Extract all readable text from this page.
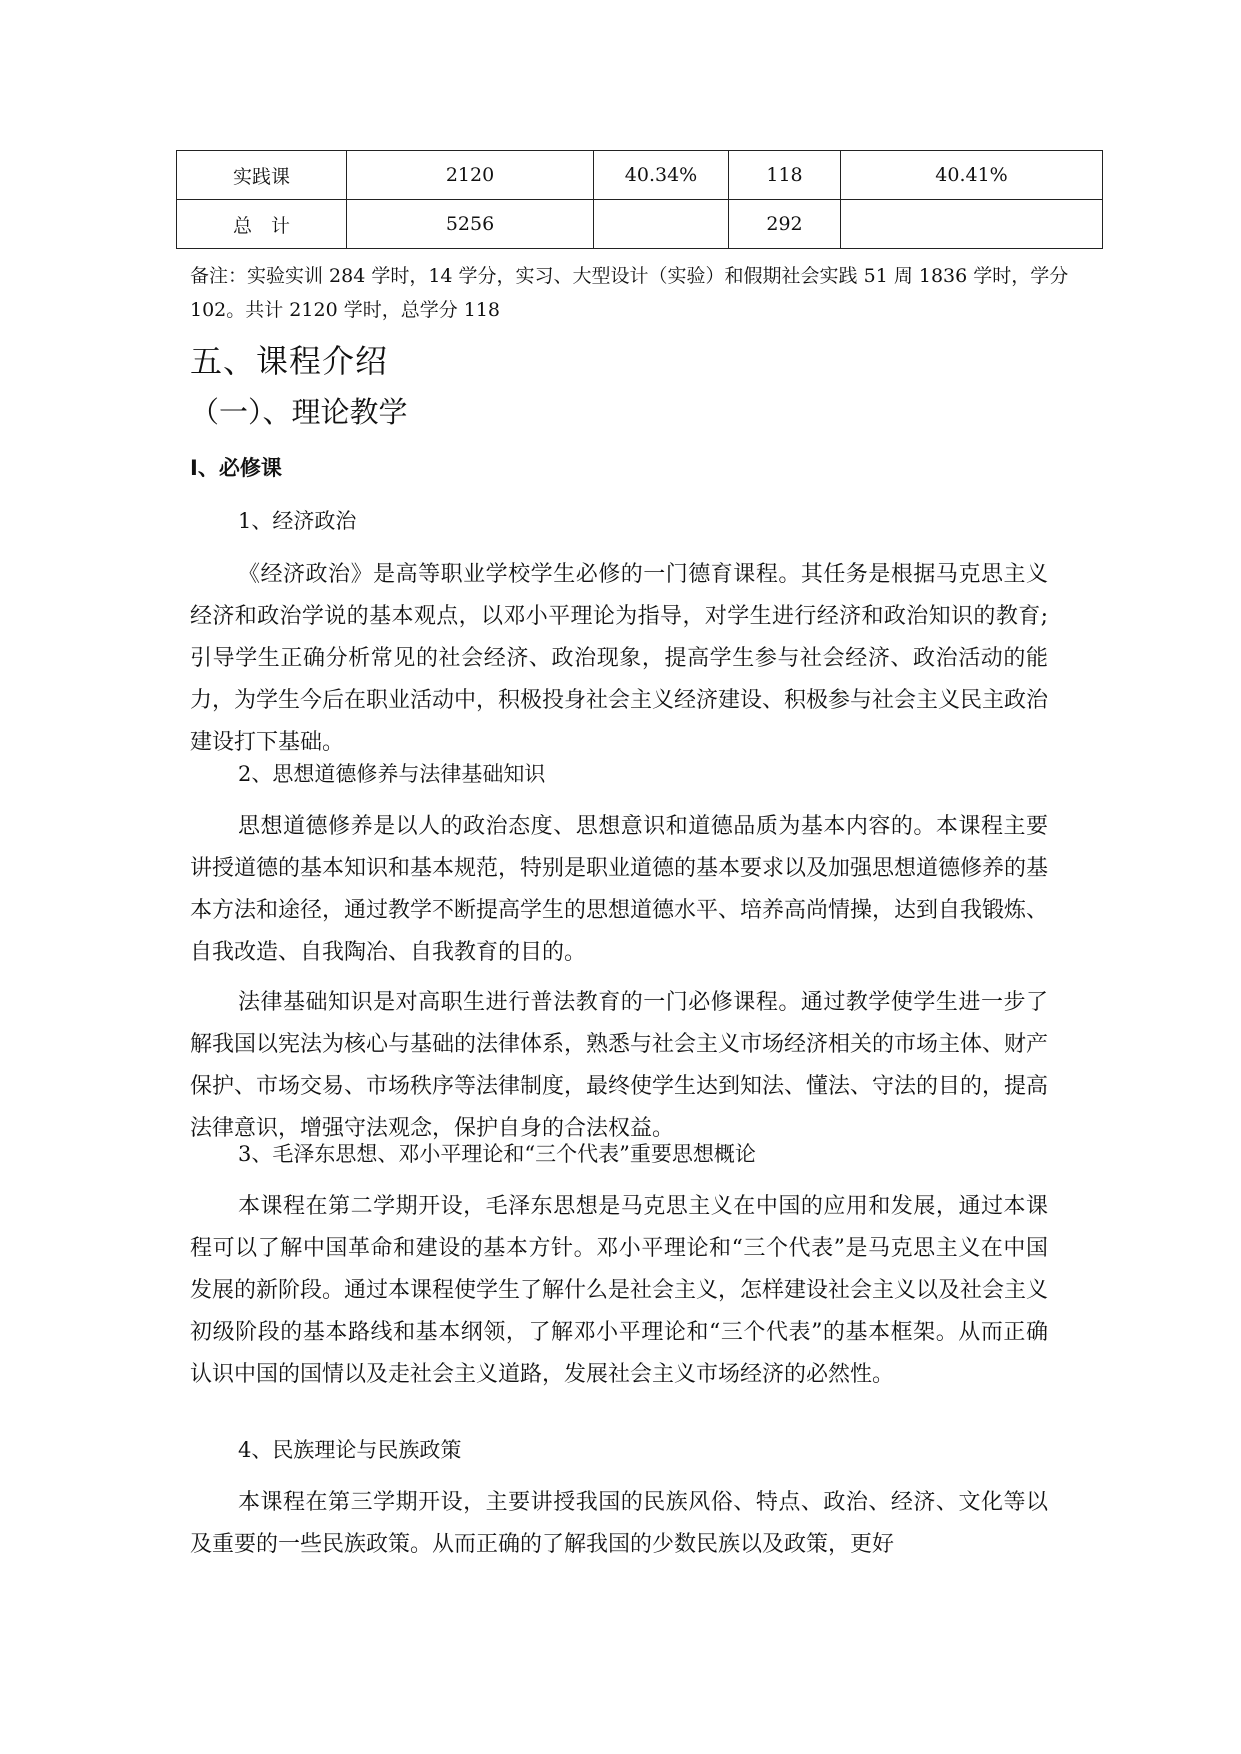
实践课	2120	40.34%	118	40.41%
总　计	5256		292	

备注：实验实训 284 学时，14 学分，实习、大型设计（实验）和假期社会实践 51 周 1836 学时，学分 102。共计 2120 学时，总学分 118

五、课程介绍
（一）、理论教学
Ⅰ、必修课

1、经济政治

《经济政治》是高等职业学校学生必修的一门德育课程。其任务是根据马克思主义经济和政治学说的基本观点，以邓小平理论为指导，对学生进行经济和政治知识的教育; 引导学生正确分析常见的社会经济、政治现象，提高学生参与社会经济、政治活动的能力，为学生今后在职业活动中，积极投身社会主义经济建设、积极参与社会主义民主政治建设打下基础。

2、思想道德修养与法律基础知识

思想道德修养是以人的政治态度、思想意识和道德品质为基本内容的。本课程主要讲授道德的基本知识和基本规范，特别是职业道德的基本要求以及加强思想道德修养的基本方法和途径，通过教学不断提高学生的思想道德水平、培养高尚情操，达到自我锻炼、自我改造、自我陶冶、自我教育的目的。

法律基础知识是对高职生进行普法教育的一门必修课程。通过教学使学生进一步了解我国以宪法为核心与基础的法律体系，熟悉与社会主义市场经济相关的市场主体、财产保护、市场交易、市场秩序等法律制度，最终使学生达到知法、懂法、守法的目的，提高法律意识，增强守法观念，保护自身的合法权益。

3、毛泽东思想、邓小平理论和“三个代表”重要思想概论

本课程在第二学期开设，毛泽东思想是马克思主义在中国的应用和发展，通过本课程可以了解中国革命和建设的基本方针。邓小平理论和“三个代表”是马克思主义在中国发展的新阶段。通过本课程使学生了解什么是社会主义，怎样建设社会主义以及社会主义初级阶段的基本路线和基本纲领，了解邓小平理论和“三个代表”的基本框架。从而正确认识中国的国情以及走社会主义道路，发展社会主义市场经济的必然性。

4、民族理论与民族政策

本课程在第三学期开设，主要讲授我国的民族风俗、特点、政治、经济、文化等以及重要的一些民族政策。从而正确的了解我国的少数民族以及政策，更好
